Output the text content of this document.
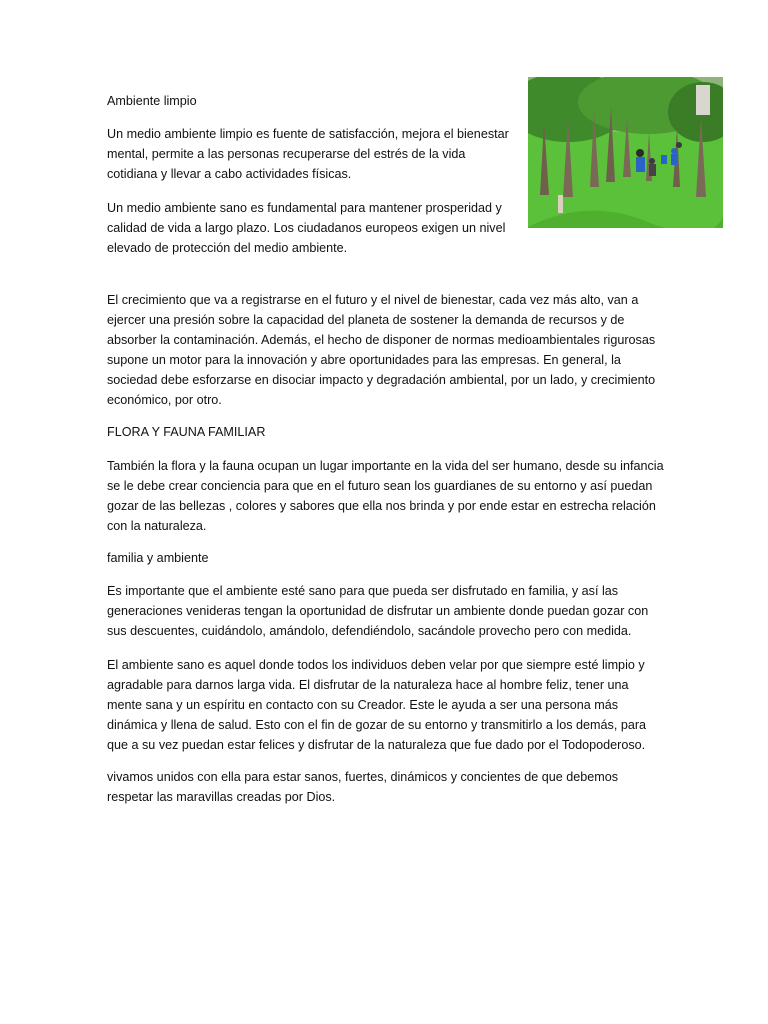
Ambiente limpio

Un medio ambiente limpio es fuente de satisfacción, mejora el bienestar mental, permite a las personas recuperarse del estrés de la vida cotidiana y llevar a cabo actividades físicas.

Un medio ambiente sano es fundamental para mantener prosperidad y calidad de vida a largo plazo. Los ciudadanos europeos exigen un nivel elevado de protección del medio ambiente.

El crecimiento que va a registrarse en el futuro y el nivel de bienestar, cada vez más alto, van a ejercer una presión sobre la capacidad del planeta de sostener la demanda de recursos y de absorber la contaminación. Además, el hecho de disponer de normas medioambientales rigurosas supone un motor para la innovación y abre oportunidades para las empresas. En general, la sociedad debe esforzarse en disociar impacto y degradación ambiental, por un lado, y crecimiento económico, por otro.

FLORA Y FAUNA FAMILIAR

También la flora y la fauna ocupan un lugar importante en la vida del ser humano, desde su infancia se le debe crear conciencia para que en el futuro sean los guardianes de su entorno y así puedan gozar de las bellezas , colores y sabores que ella nos brinda y por ende estar en estrecha relación con la naturaleza.

familia y ambiente

Es importante que el ambiente esté sano para que pueda ser disfrutado en familia, y así las generaciones venideras tengan la oportunidad de disfrutar un ambiente donde puedan gozar con sus descuentes, cuidándolo, amándolo, defendiéndolo, sacándole provecho pero con medida.

El ambiente sano es aquel donde todos los individuos deben velar por que siempre esté limpio y agradable para darnos larga vida. El disfrutar de la naturaleza hace al hombre feliz, tener una mente sana y un espíritu en contacto con su Creador. Este le ayuda a ser una persona más dinámica y llena de salud. Esto con el fin de gozar de su entorno y transmitirlo a los demás, para que a su vez puedan estar felices y disfrutar de la naturaleza que fue dado por el Todopoderoso.

vivamos unidos con ella para estar sanos, fuertes, dinámicos y concientes de que debemos respetar las maravillas creadas por Dios.
